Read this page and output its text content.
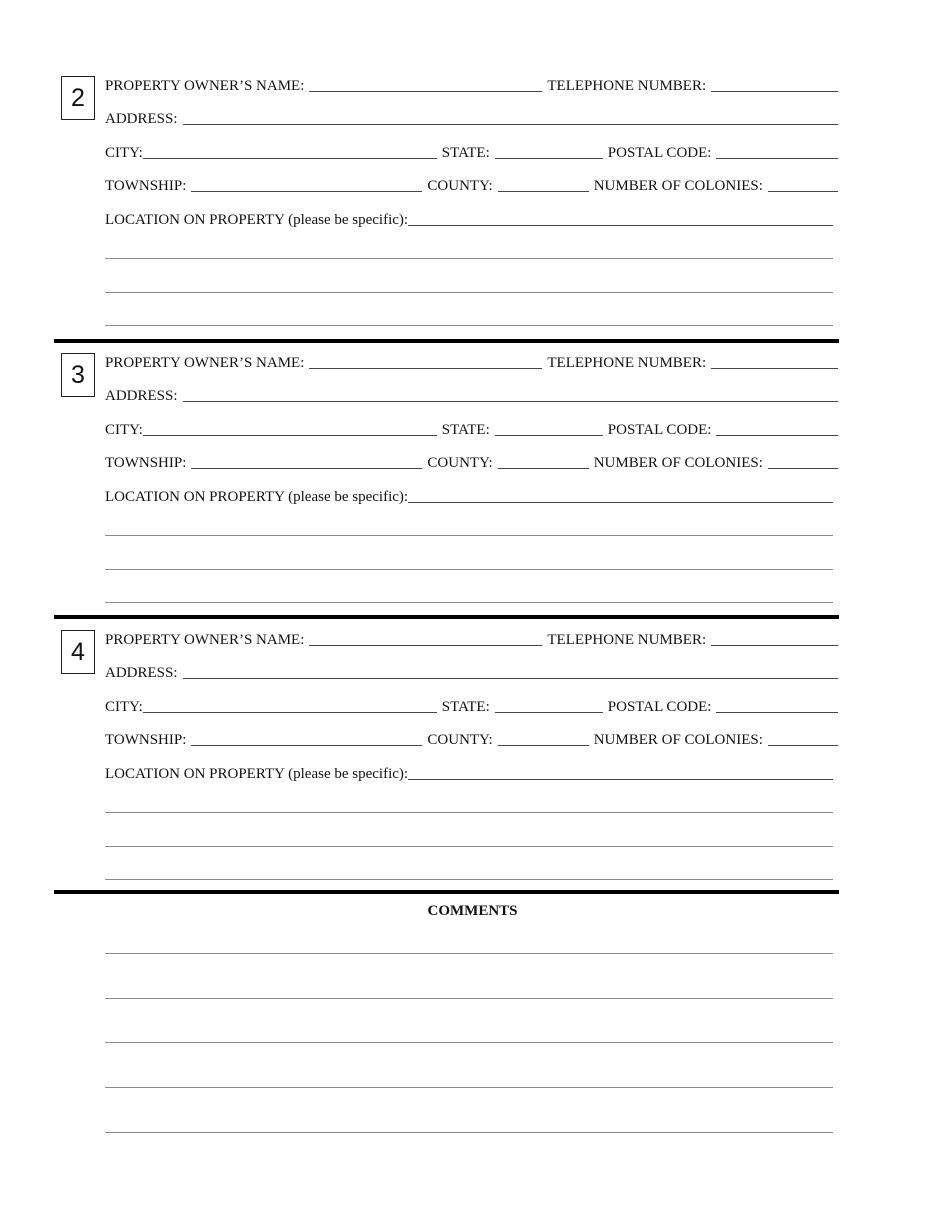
2	PROPERTY OWNER’S NAME:	TELEPHONE NUMBER:
ADDRESS:
CITY:	STATE:	POSTAL CODE:
TOWNSHIP:	COUNTY:	NUMBER OF COLONIES:
LOCATION ON PROPERTY (please be specific):
3	PROPERTY OWNER’S NAME:	TELEPHONE NUMBER:
ADDRESS:
CITY:	STATE:	POSTAL CODE:
TOWNSHIP:	COUNTY:	NUMBER OF COLONIES:
LOCATION ON PROPERTY (please be specific):
4	PROPERTY OWNER’S NAME:	TELEPHONE NUMBER:
ADDRESS:
CITY:	STATE:	POSTAL CODE:
TOWNSHIP:	COUNTY:	NUMBER OF COLONIES:
LOCATION ON PROPERTY (please be specific):
COMMENTS
